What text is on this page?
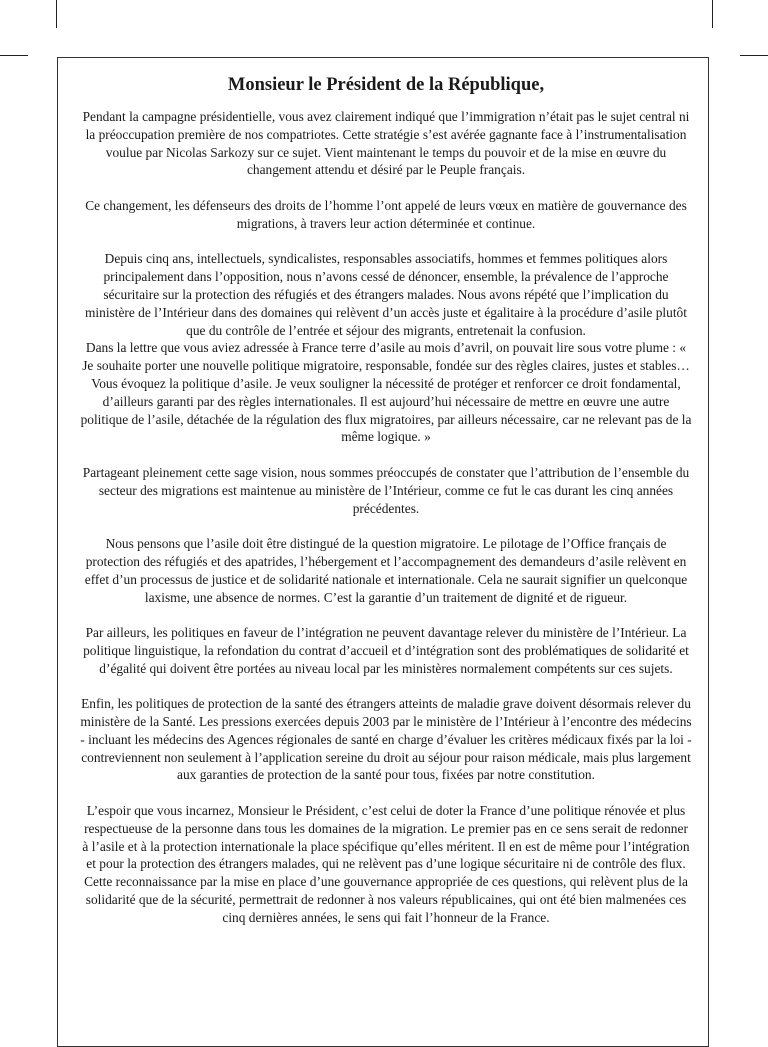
Monsieur le Président de la République,

Pendant la campagne présidentielle, vous avez clairement indiqué que l’immigration n’était pas le sujet central ni la préoccupation première de nos compatriotes. Cette stratégie s’est avérée gagnante face à l’instrumentalisation voulue par Nicolas Sarkozy sur ce sujet. Vient maintenant le temps du pouvoir et de la mise en œuvre du changement attendu et désiré par le Peuple français.

Ce changement, les défenseurs des droits de l’homme l’ont appelé de leurs vœux en matière de gouvernance des migrations, à travers leur action déterminée et continue.

Depuis cinq ans, intellectuels, syndicalistes, responsables associatifs, hommes et femmes politiques alors principalement dans l’opposition, nous n’avons cessé de dénoncer, ensemble, la prévalence de l’approche sécuritaire sur la protection des réfugiés et des étrangers malades. Nous avons répété que l’implication du ministère de l’Intérieur dans des domaines qui relèvent d’un accès juste et égalitaire à la procédure d’asile plutôt que du contrôle de l’entrée et séjour des migrants, entretenait la confusion.

Dans la lettre que vous aviez adressée à France terre d’asile au mois d’avril, on pouvait lire sous votre plume : « Je souhaite porter une nouvelle politique migratoire, responsable, fondée sur des règles claires, justes et stables… Vous évoquez la politique d’asile. Je veux souligner la nécessité de protéger et renforcer ce droit fondamental, d’ailleurs garanti par des règles internationales. Il est aujourd’hui nécessaire de mettre en œuvre une autre politique de l’asile, détachée de la régulation des flux migratoires, par ailleurs nécessaire, car ne relevant pas de la même logique. »

Partageant pleinement cette sage vision, nous sommes préoccupés de constater que l’attribution de l’ensemble du secteur des migrations est maintenue au ministère de l’Intérieur, comme ce fut le cas durant les cinq années précédentes.

Nous pensons que l’asile doit être distingué de la question migratoire. Le pilotage de l’Office français de protection des réfugiés et des apatrides, l’hébergement et l’accompagnement des demandeurs d’asile relèvent en effet d’un processus de justice et de solidarité nationale et internationale. Cela ne saurait signifier un quelconque laxisme, une absence de normes. C’est la garantie d’un traitement de dignité et de rigueur.

Par ailleurs, les politiques en faveur de l’intégration ne peuvent davantage relever du ministère de l’Intérieur. La politique linguistique, la refondation du contrat d’accueil et d’intégration sont des problématiques de solidarité et d’égalité qui doivent être portées au niveau local par les ministères normalement compétents sur ces sujets.

Enfin, les politiques de protection de la santé des étrangers atteints de maladie grave doivent désormais relever du ministère de la Santé. Les pressions exercées depuis 2003 par le ministère de l’Intérieur à l’encontre des médecins - incluant les médecins des Agences régionales de santé en charge d’évaluer les critères médicaux fixés par la loi - contreviennent non seulement à l’application sereine du droit au séjour pour raison médicale, mais plus largement aux garanties de protection de la santé pour tous, fixées par notre constitution.

L’espoir que vous incarnez, Monsieur le Président, c’est celui de doter la France d’une politique rénovée et plus respectueuse de la personne dans tous les domaines de la migration. Le premier pas en ce sens serait de redonner à l’asile et à la protection internationale la place spécifique qu’elles méritent. Il en est de même pour l’intégration et pour la protection des étrangers malades, qui ne relèvent pas d’une logique sécuritaire ni de contrôle des flux. Cette reconnaissance par la mise en place d’une gouvernance appropriée de ces questions, qui relèvent plus de la solidarité que de la sécurité, permettrait de redonner à nos valeurs républicaines, qui ont été bien malmenées ces cinq dernières années, le sens qui fait l’honneur de la France.
